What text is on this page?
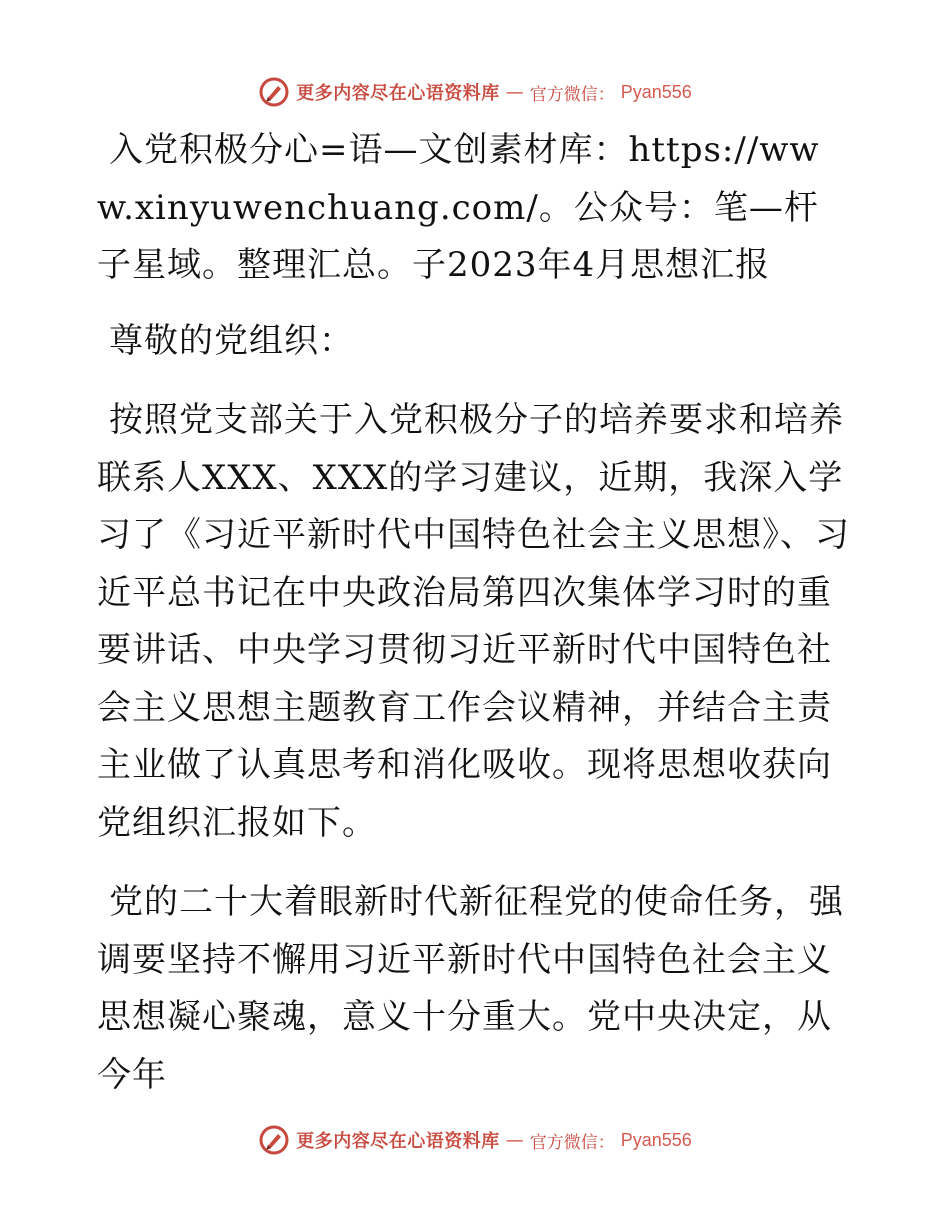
更多内容尽在心语资料库 — 官方微信： Pyan556

入党积极分心=语—文创素材库：https://www.xinyuwenchuang.com/。公众号：笔—杆子星域。整理汇总。子2023年4月思想汇报

尊敬的党组织：

按照党支部关于入党积极分子的培养要求和培养联系人XXX、XXX的学习建议，近期，我深入学习了《习近平新时代中国特色社会主义思想》、习近平总书记在中央政治局第四次集体学习时的重要讲话、中央学习贯彻习近平新时代中国特色社会主义思想主题教育工作会议精神，并结合主责主业做了认真思考和消化吸收。现将思想收获向党组织汇报如下。

党的二十大着眼新时代新征程党的使命任务，强调要坚持不懈用习近平新时代中国特色社会主义思想凝心聚魂，意义十分重大。党中央决定，从今年

更多内容尽在心语资料库 — 官方微信： Pyan556
